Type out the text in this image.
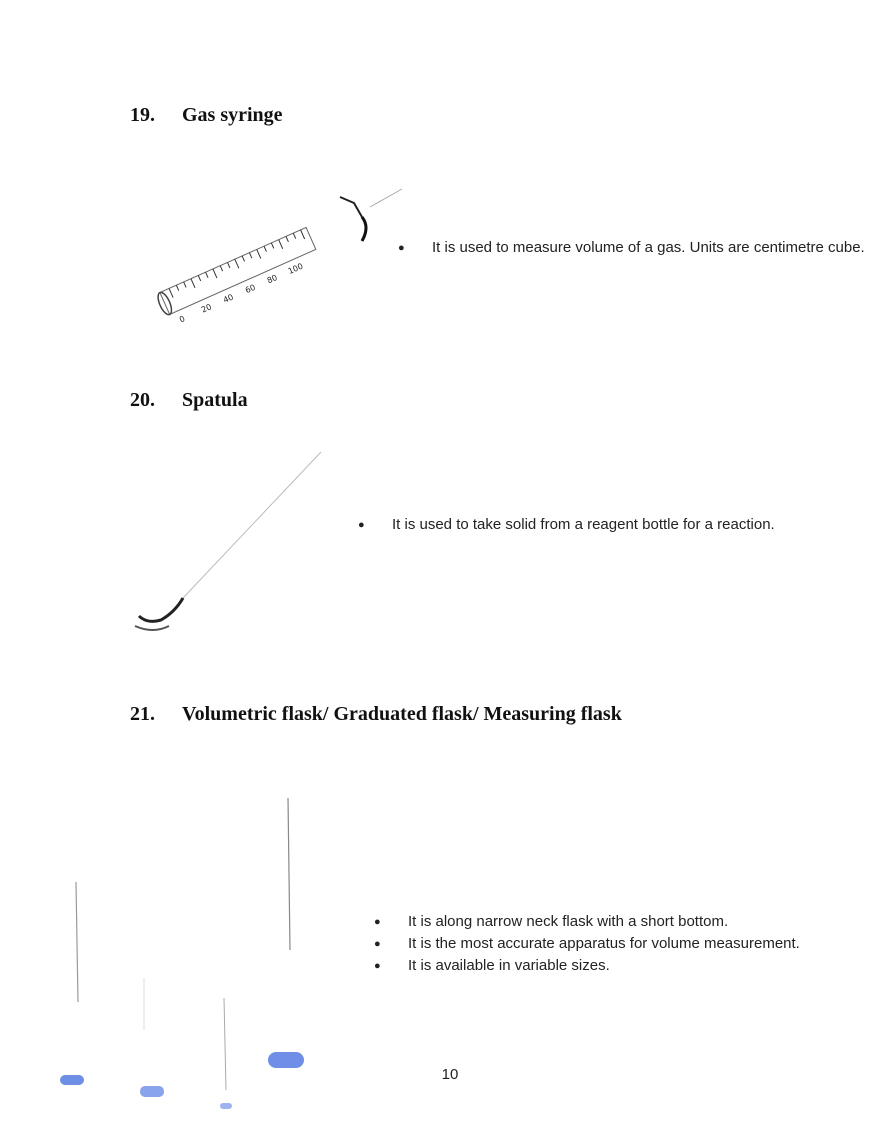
19. Gas syringe
0
20
40
60
80
100
● It is used to measure volume of a gas. Units are centimetre cube.
20. Spatula
● It is used to take solid from a reagent bottle for a reaction.
21. Volumetric flask/ Graduated flask/ Measuring flask
● It is along narrow neck flask with a short bottom.
● It is the most accurate apparatus for volume measurement.
● It is available in variable sizes.
10
